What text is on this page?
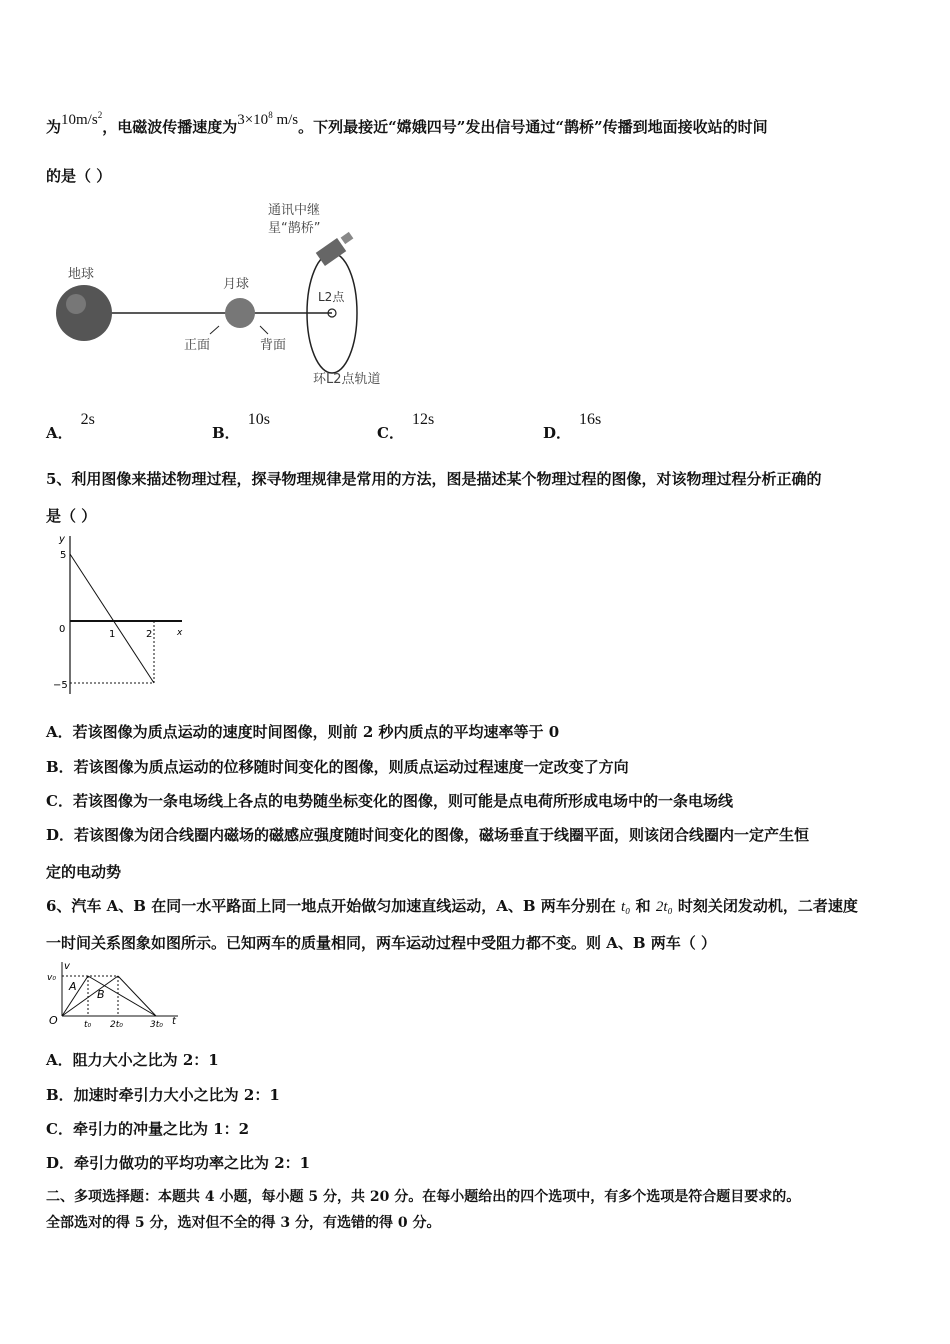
为$10m/s^2$，电磁波传播速度为$3\times 10^8$ m/s。下列最接近“嫦娥四号”发出信号通过“鹊桥”传播到地面接收站的时间
的是（ ）
通讯中继
星“鹊桥”
地球
月球
L2点
正面	背面
环L2点轨道
A．2s
B．10s
C．12s
D．16s
5、利用图像来描述物理过程，探寻物理规律是常用的方法，图是描述某个物理过程的图像，对该物理过程分析正确的
是（ ）
y
x
5
0
−5
1	2
A．若该图像为质点运动的速度时间图像，则前 2 秒内质点的平均速率等于 0
B．若该图像为质点运动的位移随时间变化的图像，则质点运动过程速度一定改变了方向
C．若该图像为一条电场线上各点的电势随坐标变化的图像，则可能是点电荷所形成电场中的一条电场线
D．若该图像为闭合线圈内磁场的磁感应强度随时间变化的图像，磁场垂直于线圈平面，则该闭合线圈内一定产生恒
定的电动势
6、汽车 A、B 在同一水平路面上同一地点开始做匀加速直线运动，A、B 两车分别在 t₀ 和 2t₀ 时刻关闭发动机，二者速度
一时间关系图象如图所示。已知两车的质量相同，两车运动过程中受阻力都不变。则 A、B 两车（ ）
v
v₀
A
B
O	t₀ 2t₀	3t₀ t
A．阻力大小之比为 2：1
B．加速时牵引力大小之比为 2：1
C．牵引力的冲量之比为 1：2
D．牵引力做功的平均功率之比为 2：1
二、多项选择题：本题共 4 小题，每小题 5 分，共 20 分。在每小题给出的四个选项中，有多个选项是符合题目要求的。
全部选对的得 5 分，选对但不全的得 3 分，有选错的得 0 分。
